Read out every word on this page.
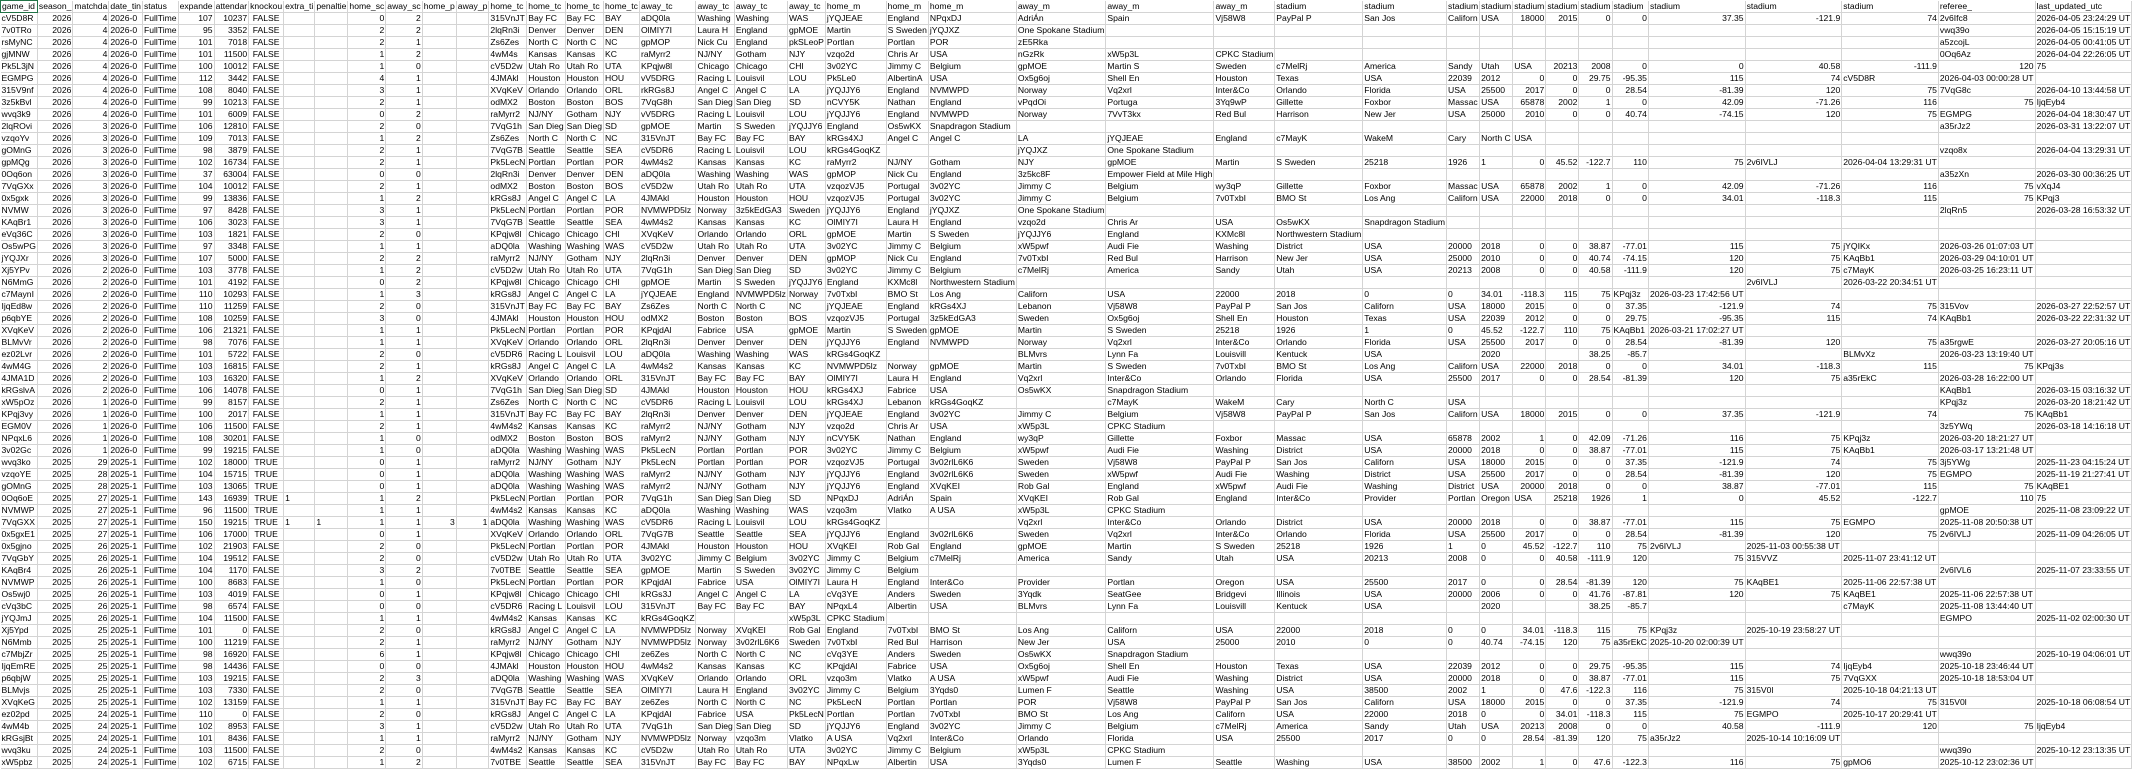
game_id	season_	matchda	date_tin	status	expande	attendar	knockou	extra_ti	penaltie	home_sc	away_sc	home_p	away_p	home_tc	home_tc	home_tc	home_tc	away_tc	away_tc	away_tc	away_tc	home_m	home_m	home_m	away_m	away_m	away_m	stadium	stadium	stadium	stadium	stadium	stadium	stadium	stadium	stadium	stadium	stadium	referee_	last_updated_utc
cV5D8R	2026	4	2026-0	FullTime	107	10237	FALSE			0	2			315VnJT	Bay FC	Bay FC	BAY	aDQ0la	Washing	Washing	WAS	jYQJEAE	England	NPqxDJ	AdriÁn	Spain	Vj58W8	PayPal P	San Jos	Californ	USA	18000	2015	0	0	37.35	-121.9	74	2v6Ifc8	2026-04-05 23:24:29 UT
7v0TRo	2026	4	2026-0	FullTime	95	3352	FALSE			2	2			2lqRn3i	Denver	Denver	DEN	OlMIY7I	Laura H	England	gpMOE	Martin	S Sweden	jYQJXZ	One Spokane Stadium														vwq39o	2026-04-05 15:15:19 UT
rsMyNC	2026	4	2026-0	FullTime	101	7018	FALSE			2	1			Zs6Zes	North C	North C	NC	gpMOP	Nick Cu	England	pkSLeoP	Portlan	Portlan	POR	zE5Rka														a5zcojL	2026-04-05 00:41:05 UT
gjMNW	2026	4	2026-0	FullTime	101	11500	FALSE			1	2			4wM4s	Kansas	Kansas	KC	raMyrr2	NJ/NY	Gotham	NJY	vzqo2d	Chris Ar	USA	nGzRk	xW5p3L	CPKC Stadium												0Oq6Az	2026-04-04 22:26:05 UT
Pk5L3jN	2026	4	2026-0	FullTime	100	10012	FALSE			1	0			cV5D2w	Utah Ro	Utah Ro	UTA	KPqjw8l	Chicago	Chicago	CHI	3v02YC	Jimmy C	Belgium	gpMOE	Martin S	Sweden	c7MelRj	America	Sandy	Utah	USA	20213	2008	0	0	40.58	-111.9	120	75
EGMPG	2026	4	2026-0	FullTime	112	3442	FALSE			4	1			4JMAkl	Houston	Houston	HOU	vV5DRG	Racing L	Louisvil	LOU	Pk5Le0	AlbertinA	USA	Ox5g6oj	Shell En	Houston	Texas	USA	22039	2012	0	0	29.75	-95.35	115	74	cV5D8R	2026-04-03 00:00:28 UT	
315V9nf	2026	4	2026-0	FullTime	108	8040	FALSE			3	1			XVqKeV	Orlando	Orlando	ORL	rkRGs8J	Angel C	Angel C	LA	jYQJJY6	England	NVMWPD	Norway	Vq2xrl	Inter&Co	Orlando	Florida	USA	25500	2017	0	0	28.54	-81.39	120	75	7VqG8c	2026-04-10 13:44:58 UT
3z5kBvl	2026	4	2026-0	FullTime	99	10213	FALSE			2	1			odMX2	Boston	Boston	BOS	7VqG8h	San Dieg	San Dieg	SD	nCVY5K	Nathan	England	vPqdOi	Portuga	3Yq9wP	Gillette	Foxbor	Massac	USA	65878	2002	1	0	42.09	-71.26	116	75	IjqEyb4
wvq3k9	2026	4	2026-0	FullTime	101	6009	FALSE			0	2			raMyrr2	NJ/NY	Gotham	NJY	vV5DRG	Racing L	Louisvil	LOU	jYQJJY6	England	NVMWPD	Norway	7VvT3kx	Red Bul	Harrison	New Jer	USA	25000	2010	0	0	40.74	-74.15	120	75	EGMPG	2026-04-04 18:30:47 UT
2lqROvi	2026	3	2026-0	FullTime	106	12810	FALSE			2	0			7VqG1h	San Dieg	San Dieg	SD	gpMOE	Martin	S Sweden	jYQJJY6	England	Os5wKX	Snapdragon Stadium															a35rJz2	2026-03-31 13:22:07 UT
vzqoYv	2026	3	2026-0	FullTime	109	7013	FALSE			1	2			Zs6Zes	North C	North C	NC	315VnJT	Bay FC	Bay FC	BAY	kRGs4XJ	Angel C	Angel C	LA	jYQJEAE	England	c7MayK	WakeM	Cary	North C	USA								
gOMnG	2026	3	2026-0	FullTime	98	3879	FALSE			2	1			7VqG7B	Seattle	Seattle	SEA	cV5DR6	Racing L	Louisvil	LOU	kRGs4GoqKZ			jYQJXZ	One Spokane Stadium													vzqo8x	2026-04-04 13:29:31 UT
gpMQg	2026	3	2026-0	FullTime	102	16734	FALSE			2	1			Pk5LecN	Portlan	Portlan	POR	4wM4s2	Kansas	Kansas	KC	raMyrr2	NJ/NY	Gotham	NJY	gpMOE	Martin	S Sweden	25218	1926	1	0	45.52	-122.7	110	75	2v6IVLJ	2026-04-04 13:29:31 UT		
0Oq6on	2026	3	2026-0	FullTime	37	63004	FALSE			0	0			2lqRn3i	Denver	Denver	DEN	aDQ0la	Washing	Washing	WAS	gpMOP	Nick Cu	England	3z5kc8F	Empower Field at Mile High													a35zXn	2026-03-30 00:36:25 UT
7VqGXx	2026	3	2026-0	FullTime	104	10012	FALSE			2	1			odMX2	Boston	Boston	BOS	cV5D2w	Utah Ro	Utah Ro	UTA	vzqozVJ5	Portugal	3v02YC	Jimmy C	Belgium	wy3qP	Gillette	Foxbor	Massac	USA	65878	2002	1	0	42.09	-71.26	116	75	vXqJ4
0x5gxk	2026	3	2026-0	FullTime	99	13836	FALSE			1	2			kRGs8J	Angel C	Angel C	LA	4JMAkl	Houston	Houston	HOU	vzqozVJ5	Portugal	3v02YC	Jimmy C	Belgium	7v0TxbI	BMO St	Los Ang	Californ	USA	22000	2018	0	0	34.01	-118.3	115	75	KPqj3
NVMW	2026	3	2026-0	FullTime	97	8428	FALSE			3	1			Pk5LecN	Portlan	Portlan	POR	NVMWPD5lz	Norway	3z5kEdGA3	Sweden	jYQJJY6	England	jYQJXZ	One Spokane Stadium														2lqRn5	2026-03-28 16:53:32 UT
KAqBr1	2026	3	2026-0	FullTime	106	3023	FALSE			3	1			7VqG7B	Seattle	Seattle	SEA	4wM4s2	Kansas	Kansas	KC	OlMIY7I	Laura H	England	vzqo2d	Chris Ar	USA	Os5wKX	Snapdragon Stadium											
eVq36C	2026	3	2026-0	FullTime	103	1821	FALSE			2	0			KPqjw8l	Chicago	Chicago	CHI	XVqKeV	Orlando	Orlando	ORL	gpMOE	Martin	S Sweden	jYQJJY6	England	KXMc8l	Northwestern Stadium												
Os5wPG	2026	3	2026-0	FullTime	97	3348	FALSE			1	1			aDQ0la	Washing	Washing	WAS	cV5D2w	Utah Ro	Utah Ro	UTA	3v02YC	Jimmy C	Belgium	xW5pwf	Audi Fie	Washing	District	USA	20000	2018	0	0	38.87	-77.01	115	75	jYQIKx	2026-03-26 01:07:03 UT	
jYQJXr	2026	3	2026-0	FullTime	107	5000	FALSE			2	2			raMyrr2	NJ/NY	Gotham	NJY	2lqRn3i	Denver	Denver	DEN	gpMOP	Nick Cu	England	7v0TxbI	Red Bul	Harrison	New Jer	USA	25000	2010	0	0	40.74	-74.15	120	75	KAqBb1	2026-03-29 04:10:01 UT	
Xj5YPv	2026	2	2026-0	FullTime	103	3778	FALSE			1	2			cV5D2w	Utah Ro	Utah Ro	UTA	7VqG1h	San Dieg	San Dieg	SD	3v02YC	Jimmy C	Belgium	c7MelRj	America	Sandy	Utah	USA	20213	2008	0	0	40.58	-111.9	120	75	c7MayK	2026-03-25 16:23:11 UT	
N6MmG	2026	2	2026-0	FullTime	101	4192	FALSE			0	2			KPqjw8l	Chicago	Chicago	CHI	gpMOE	Martin	S Sweden	jYQJJY6	England	KXMc8l	Northwestern Stadium													2v6IVLJ	2026-03-22 20:34:51 UT		
c7MaynI	2026	2	2026-0	FullTime	110	10293	FALSE			1	3			kRGs8J	Angel C	Angel C	LA	jYQJEAE	England	NVMWPD5lz	Norway	7v0TxbI	BMO St	Los Ang	Californ	USA	22000	2018	0	0	34.01	-118.3	115	75	KPqj3z	2026-03-23 17:42:56 UT				
IjqEd8w	2026	2	2026-0	FullTime	110	11259	FALSE			2	0			315VnJT	Bay FC	Bay FC	BAY	Zs6Zes	North C	North C	NC	jYQJEAE	England	kRGs4XJ	Lebanon	Vj58W8	PayPal P	San Jos	Californ	USA	18000	2015	0	0	37.35	-121.9	74	75	315Vov	2026-03-27 22:52:57 UT
p6qbYE	2026	2	2026-0	FullTime	108	10259	FALSE			3	0			4JMAkl	Houston	Houston	HOU	odMX2	Boston	Boston	BOS	vzqozVJ5	Portugal	3z5kEdGA3	Sweden	Ox5g6oj	Shell En	Houston	Texas	USA	22039	2012	0	0	29.75	-95.35	115	74	KAqBb1	2026-03-22 22:31:32 UT
XVqKeV	2026	2	2026-0	FullTime	106	21321	FALSE			1	1			Pk5LecN	Portlan	Portlan	POR	KPqjdAl	Fabrice	USA	gpMOE	Martin	S Sweden	gpMOE	Martin	S Sweden	25218	1926	1	0	45.52	-122.7	110	75	KAqBb1	2026-03-21 17:02:27 UT				
BLMvVr	2026	2	2026-0	FullTime	98	7076	FALSE			1	1			XVqKeV	Orlando	Orlando	ORL	2lqRn3i	Denver	Denver	DEN	jYQJJY6	England	NVMWPD	Norway	Vq2xrl	Inter&Co	Orlando	Florida	USA	25500	2017	0	0	28.54	-81.39	120	75	a35rgwE	2026-03-27 20:05:16 UT
ez02Lvr	2026	2	2026-0	FullTime	101	5722	FALSE			2	0			cV5DR6	Racing L	Louisvil	LOU	aDQ0la	Washing	Washing	WAS	kRGs4GoqKZ			BLMvrs	Lynn Fa	Louisvill	Kentuck	USA		2020			38.25	-85.7			BLMvXz	2026-03-23 13:19:40 UT	
4wM4G	2026	2	2026-0	FullTime	103	16815	FALSE			2	1			kRGs8J	Angel C	Angel C	LA	4wM4s2	Kansas	Kansas	KC	NVMWPD5lz	Norway	gpMOE	Martin	S Sweden	7v0TxbI	BMO St	Los Ang	Californ	USA	22000	2018	0	0	34.01	-118.3	115	75	KPqj3s
4JMA1D	2026	2	2026-0	FullTime	103	16320	FALSE			1	2			XVqKeV	Orlando	Orlando	ORL	315VnJT	Bay FC	Bay FC	BAY	OlMIY7I	Laura H	England	Vq2xrl	Inter&Co	Orlando	Florida	USA	25500	2017	0	0	28.54	-81.39	120	75	a35rEkC	2026-03-28 16:22:00 UT	
kRGslvA	2026	2	2026-0	FullTime	106	14078	FALSE			0	1			7VqG1h	San Dieg	San Dieg	SD	4JMAkl	Houston	Houston	HOU	kRGs4XJ	Fabrice	USA	Os5wKX	Snapdragon Stadium													KAqBb1	2026-03-15 03:16:32 UT
xW5pOz	2026	1	2026-0	FullTime	99	8157	FALSE			2	1			Zs6Zes	North C	North C	NC	cV5DR6	Racing L	Louisvil	LOU	kRGs4XJ	Lebanon	kRGs4GoqKZ		c7MayK	WakeM	Cary	North C	USA									KPqj3z	2026-03-20 18:21:42 UT
KPqj3vy	2026	1	2026-0	FullTime	100	2017	FALSE			1	1			315VnJT	Bay FC	Bay FC	BAY	2lqRn3i	Denver	Denver	DEN	jYQJEAE	England	3v02YC	Jimmy C	Belgium	Vj58W8	PayPal P	San Jos	Californ	USA	18000	2015	0	0	37.35	-121.9	74	75	KAqBb1
EGM0V	2026	1	2026-0	FullTime	106	11500	FALSE			2	1			4wM4s2	Kansas	Kansas	KC	raMyrr2	NJ/NY	Gotham	NJY	vzqo2d	Chris Ar	USA	xW5p3L	CPKC Stadium													3z5YWq	2026-03-18 14:16:18 UT
NPqxL6	2026	1	2026-0	FullTime	108	30201	FALSE			1	0			odMX2	Boston	Boston	BOS	raMyrr2	NJ/NY	Gotham	NJY	nCVY5K	Nathan	England	wy3qP	Gillette	Foxbor	Massac	USA	65878	2002	1	0	42.09	-71.26	116	75	KPqj3z	2026-03-20 18:21:27 UT	
3v02Gc	2026	1	2026-0	FullTime	99	19215	FALSE			1	0			aDQ0la	Washing	Washing	WAS	Pk5LecN	Portlan	Portlan	POR	3v02YC	Jimmy C	Belgium	xW5pwf	Audi Fie	Washing	District	USA	20000	2018	0	0	38.87	-77.01	115	75	KAqBb1	2026-03-17 13:21:48 UT	
wvq3ko	2025	29	2025-1	FullTime	102	18000	TRUE			0	1			raMyrr2	NJ/NY	Gotham	NJY	Pk5LecN	Portlan	Portlan	POR	vzqozVJ5	Portugal	3v02rlL6K6	Sweden	Vj58W8	PayPal P	San Jos	Californ	USA	18000	2015	0	0	37.35	-121.9	74	75	3j5YWg	2025-11-23 04:15:24 UT
vzqoYE	2025	28	2025-1	FullTime	104	15715	TRUE			0	1			aDQ0la	Washing	Washing	WAS	raMyrr2	NJ/NY	Gotham	NJY	jYQJJY6	England	3v02rlL6K6	Sweden	xW5pwf	Audi Fie	Washing	District	USA	25500	2017	0	0	28.54	-81.39	120	75	EGMPO	2025-11-19 21:27:41 UT
gOMnG	2025	28	2025-1	FullTime	103	13065	TRUE			0	1			aDQ0la	Washing	Washing	WAS	raMyrr2	NJ/NY	Gotham	NJY	jYQJJY6	England	XVqKEI	Rob Gal	England	xW5pwf	Audi Fie	Washing	District	USA	20000	2018	0	0	38.87	-77.01	115	75	KAqBE1
0Oq6oE	2025	27	2025-1	FullTime	143	16939	TRUE	1		1	2			Pk5LecN	Portlan	Portlan	POR	7VqG1h	San Dieg	San Dieg	SD	NPqxDJ	AdriÁn	Spain	XVqKEI	Rob Gal	England	Inter&Co	Provider	Portlan	Oregon	USA	25218	1926	1	0	45.52	-122.7	110	75
NVMWP	2025	27	2025-1	FullTime	96	11500	TRUE			1	1			4wM4s2	Kansas	Kansas	KC	aDQ0la	Washing	Washing	WAS	vzqo3m	Vlatko	A USA	xW5p3L	CPKC Stadium													gpMOE	2025-11-08 23:09:22 UT
7VqGXX	2025	27	2025-1	FullTime	150	19215	TRUE	1	1	1	1	3	1	aDQ0la	Washing	Washing	WAS	cV5DR6	Racing L	Louisvil	LOU	kRGs4GoqKZ			Vq2xrl	Inter&Co	Orlando	District	USA	20000	2018	0	0	38.87	-77.01	115	75	EGMPO	2025-11-08 20:50:38 UT	
0x5gxE1	2025	27	2025-1	FullTime	106	17000	TRUE			0	1			XVqKeV	Orlando	Orlando	ORL	7VqG7B	Seattle	Seattle	SEA	jYQJJY6	England	3v02rlL6K6	Sweden	Vq2xrl	Inter&Co	Orlando	Florida	USA	25500	2017	0	0	28.54	-81.39	120	75	2v6IVLJ	2025-11-09 04:26:05 UT
0x5gjno	2025	26	2025-1	FullTime	102	21903	FALSE			2	0			Pk5LecN	Portlan	Portlan	POR	4JMAkl	Houston	Houston	HOU	XVqKEI	Rob Gal	England	gpMOE	Martin	S Sweden	25218	1926	1	0	45.52	-122.7	110	75	2v6IVLJ	2025-11-03 00:55:38 UT			
7VqGbY	2025	26	2025-1	FullTime	104	19512	FALSE			2	0			cV5D2w	Utah Ro	Utah Ro	UTA	3v02YC	Jimmy C	Belgium	3v02YC	Jimmy C	Belgium	c7MelRj	America	Sandy	Utah	USA	20213	2008	0	0	40.58	-111.9	120	75	315VVZ	2025-11-07 23:41:12 UT		
KAqBr4	2025	26	2025-1	FullTime	104	1170	FALSE			3	2			7v0TBE	Seattle	Seattle	SEA	gpMOE	Martin	S Sweden	3v02YC	Jimmy C	Belgium																2v6IVL6	2025-11-07 23:33:55 UT
NVMWP	2025	26	2025-1	FullTime	100	8683	FALSE			1	0			Pk5LecN	Portlan	Portlan	POR	KPqjdAl	Fabrice	USA	OlMIY7I	Laura H	England	Inter&Co	Provider	Portlan	Oregon	USA	25500	2017	0	0	28.54	-81.39	120	75	KAqBE1	2025-11-06 22:57:38 UT		
Os5wj0	2025	26	2025-1	FullTime	103	4019	FALSE			0	1			KPqjw8l	Chicago	Chicago	CHI	kRGs3J	Angel C	Angel C	LA	cVq3YE	Anders	Sweden	3Yqdk	SeatGee	Bridgevi	Illinois	USA	20000	2006	0	0	41.76	-87.81	120	75	KAqBE1	2025-11-06 22:57:38 UT	
cVq3bC	2025	26	2025-1	FullTime	98	6574	FALSE			0	0			cV5DR6	Racing L	Louisvil	LOU	315VnJT	Bay FC	Bay FC	BAY	NPqxL4	Albertin	USA	BLMvrs	Lynn Fa	Louisvill	Kentuck	USA		2020			38.25	-85.7			c7MayK	2025-11-08 13:44:40 UT	
jYQJmJ	2025	26	2025-1	FullTime	104	11500	FALSE			1	1			4wM4s2	Kansas	Kansas	KC	kRGs4GoqKZ			xW5p3L	CPKC Stadium																	EGMPO	2025-11-02 02:00:30 UT
Xj5Ypd	2025	25	2025-1	FullTime	101	0	FALSE			2	0			kRGs8J	Angel C	Angel C	LA	NVMWPD5lz	Norway	XVqKEI	Rob Gal	England	7v0TxbI	BMO St	Los Ang	Californ	USA	22000	2018	0	0	34.01	-118.3	115	75	KPqj3z	2025-10-19 23:58:27 UT			
N6Mmb	2025	25	2025-1	FullTime	100	11219	FALSE			2	1			raMyrr2	NJ/NY	Gotham	NJY	NVMWPD5lz	Norway	3v02rlL6K6	Sweden	7v0TxbI	Red Bul	Harrison	New Jer	USA	25000	2010	0	0	40.74	-74.15	120	75	a35rEkC	2025-10-20 02:00:39 UT				
c7MbjZr	2025	25	2025-1	FullTime	98	16920	FALSE			6	1			KPqjw8l	Chicago	Chicago	CHI	ze6Zes	North C	North C	NC	cVq3YE	Anders	Sweden	Os5wKX	Snapdragon Stadium													wwq39o	2025-10-19 04:06:01 UT
IjqEmRE	2025	25	2025-1	FullTime	98	14436	FALSE			0	0			4JMAkl	Houston	Houston	HOU	4wM4s2	Kansas	Kansas	KC	KPqjdAl	Fabrice	USA	Ox5g6oj	Shell En	Houston	Texas	USA	22039	2012	0	0	29.75	-95.35	115	74	IjqEyb4	2025-10-18 23:46:44 UT	
p6qbjW	2025	25	2025-1	FullTime	103	19215	FALSE			2	3			aDQ0la	Washing	Washing	WAS	XVqKeV	Orlando	Orlando	ORL	vzqo3m	Vlatko	A USA	xW5pwf	Audi Fie	Washing	District	USA	20000	2018	0	0	38.87	-77.01	115	75	7VqGXX	2025-10-18 18:53:04 UT	
BLMvjs	2025	25	2025-1	FullTime	103	7330	FALSE			2	0			7VqG7B	Seattle	Seattle	SEA	OlMIY7I	Laura H	England	3v02YC	Jimmy C	Belgium	3Yqds0	Lumen F	Seattle	Washing	USA	38500	2002	1	0	47.6	-122.3	116	75	315V0l	2025-10-18 04:21:13 UT		
XVqKeG	2025	25	2025-1	FullTime	102	13159	FALSE			1	1			315VnJT	Bay FC	Bay FC	BAY	ze6Zes	North C	North C	NC	Pk5LecN	Portlan	Portlan	POR	Vj58W8	PayPal P	San Jos	Californ	USA	18000	2015	0	0	37.35	-121.9	74	75	315V0l	2025-10-18 06:08:54 UT
ez02pd	2025	24	2025-1	FullTime	110	0	FALSE			2	0			kRGs8J	Angel C	Angel C	LA	KPqjdAl	Fabrice	USA	Pk5LecN	Portlan	Portlan	7v0TxbI	BMO St	Los Ang	Californ	USA	22000	2018	0	0	34.01	-118.3	115	75	EGMPO	2025-10-17 20:29:41 UT		
4wM4b	2025	24	2025-1	FullTime	102	8953	FALSE			3	1			cV5D2w	Utah Ro	Utah Ro	UTA	7VqG1h	San Dieg	San Dieg	SD	jYQJJY6	England	3v02YC	Jimmy C	Belgium	c7MelRj	America	Sandy	Utah	USA	20213	2008	0	0	40.58	-111.9	120	75	IjqEyb4
kRGsjBt	2025	24	2025-1	FullTime	101	8436	FALSE			1	1			raMyrr2	NJ/NY	Gotham	NJY	NVMWPD5lz	Norway	vzqo3m	Vlatko	A USA	Vq2xrl	Inter&Co	Orlando	Florida	USA	25500	2017	0	0	28.54	-81.39	120	75	a35rJz2	2025-10-14 10:16:09 UT			
wvq3ku	2025	24	2025-1	FullTime	103	11500	FALSE			2	0			4wM4s2	Kansas	Kansas	KC	cV5D2w	Utah Ro	Utah Ro	UTA	3v02YC	Jimmy C	Belgium	xW5p3L	CPKC Stadium													wwq39o	2025-10-12 23:13:35 UT
xW5pbz	2025	24	2025-1	FullTime	102	6715	FALSE			1	2			7v0TBE	Seattle	Seattle	SEA	315VnJT	Bay FC	Bay FC	BAY	NPqxLw	Albertin	USA	3Yqds0	Lumen F	Seattle	Washing	USA	38500	2002	1	0	47.6	-122.3	116	75	gpMO6	2025-10-12 23:02:36 UT	
